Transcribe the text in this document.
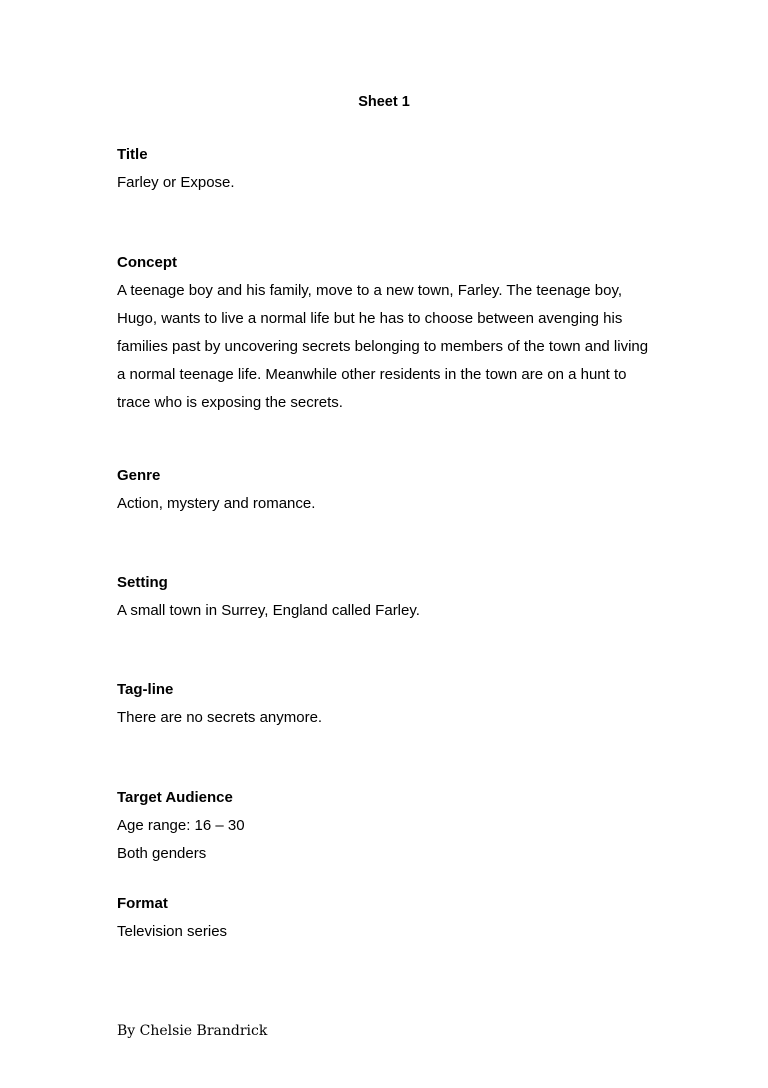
Sheet 1
Title
Farley or Expose.
Concept

A teenage boy and his family, move to a new town, Farley. The teenage boy, Hugo, wants to live a normal life but he has to choose between avenging his families past by uncovering secrets belonging to members of the town and living a normal teenage life. Meanwhile other residents in the town are on a hunt to trace who is exposing the secrets.

Genre
Action, mystery and romance.
Setting
A small town in Surrey, England called Farley.
Tag-line
There are no secrets anymore.
Target Audience
Age range: 16 – 30
Both genders
Format
Television series
By Chelsie Brandrick
